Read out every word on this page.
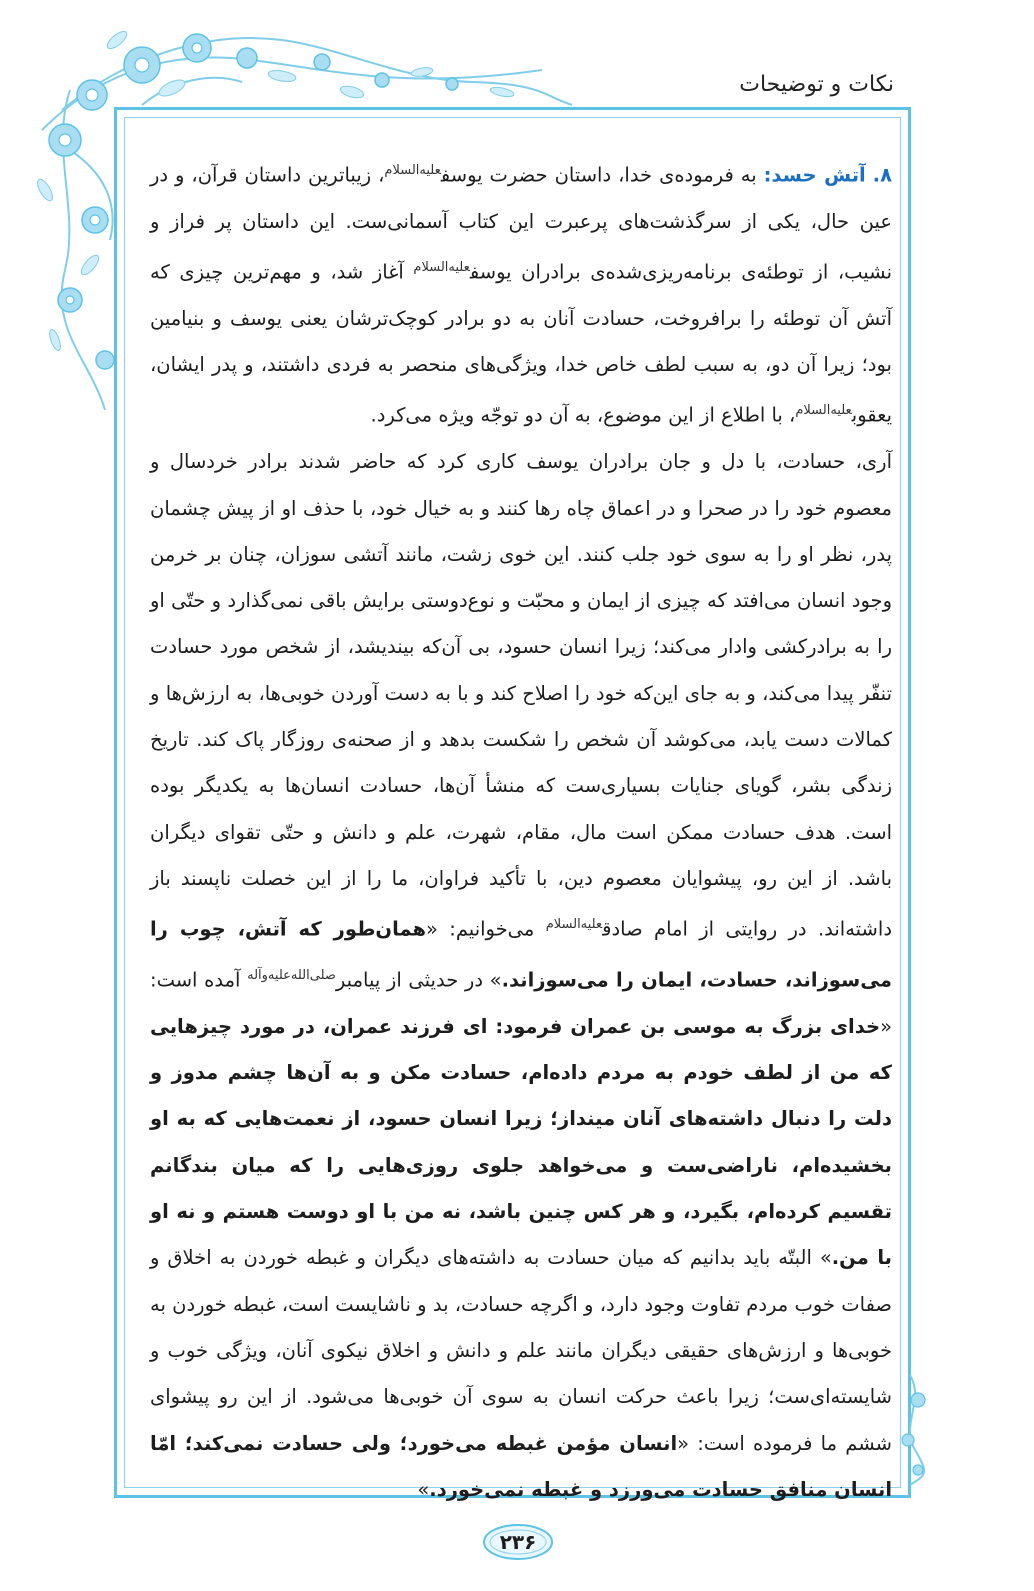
نکات و توضیحات

۸. آتش حسد: به فرموده‌ی خدا، داستان حضرت یوسف$^{علیه‌السلام}$، زیباترین داستان قرآن، و در عین حال، یکی از سرگذشت‌های پرعبرت این کتاب آسمانی‌ست. این داستان پر فراز و نشیب، از توطئه‌ی برنامه‌ریزی‌شده‌ی برادران یوسف$^{علیه‌السلام}$ آغاز شد، و مهم‌ترین چیزی که آتش آن توطئه را برافروخت، حسادت آنان به دو برادر کوچک‌ترشان یعنی یوسف و بنیامین بود؛ زیرا آن دو، به سبب لطف خاص خدا، ویژگی‌های منحصر به فردی داشتند، و پدر ایشان، یعقوب$^{علیه‌السلام}$، با اطلاع از این موضوع، به آن دو توجّه ویژه می‌کرد.

آری، حسادت، با دل و جان برادران یوسف کاری کرد که حاضر شدند برادر خردسال و معصوم خود را در صحرا و در اعماق چاه رها کنند و به خیال خود، با حذف او از پیش چشمان پدر، نظر او را به سوی خود جلب کنند. این خوی زشت، مانند آتشی سوزان، چنان بر خرمن وجود انسان می‌افتد که چیزی از ایمان و محبّت و نوع‌دوستی برایش باقی نمی‌گذارد و حتّی او را به برادرکشی وادار می‌کند؛ زیرا انسان حسود، بی آن‌که بیندیشد، از شخص مورد حسادت تنفّر پیدا می‌کند، و به جای این‌که خود را اصلاح کند و با به دست آوردن خوبی‌ها، به ارزش‌ها و کمالات دست یابد، می‌کوشد آن شخص را شکست بدهد و از صحنه‌ی روزگار پاک کند. تاریخ زندگی بشر، گویای جنایات بسیاری‌ست که منشأ آن‌ها، حسادت انسان‌ها به یکدیگر بوده است. هدف حسادت ممکن است مال، مقام، شهرت، علم و دانش و حتّی تقوای دیگران باشد. از این رو، پیشوایان معصوم دین، با تأکید فراوان، ما را از این خصلت ناپسند باز داشته‌اند. در روایتی از امام صادق$^{علیه‌السلام}$ می‌خوانیم: «همان‌طور که آتش، چوب را می‌سوزاند، حسادت، ایمان را می‌سوزاند.» در حدیثی از پیامبر$^{صلی‌الله‌علیه‌وآله}$ آمده است: «خدای بزرگ به موسی بن عمران فرمود: ای فرزند عمران، در مورد چیزهایی که من از لطف خودم به مردم داده‌ام، حسادت مکن و به آن‌ها چشم مدوز و دلت را دنبال داشته‌های آنان مینداز؛ زیرا انسان حسود، از نعمت‌هایی که به او بخشیده‌ام، ناراضی‌ست و می‌خواهد جلوی روزی‌هایی را که میان بندگانم تقسیم کرده‌ام، بگیرد، و هر کس چنین باشد، نه من با او دوست هستم و نه او با من.» البتّه باید بدانیم که میان حسادت به داشته‌های دیگران و غبطه خوردن به اخلاق و صفات خوب مردم تفاوت وجود دارد، و اگرچه حسادت، بد و ناشایست است، غبطه خوردن به خوبی‌ها و ارزش‌های حقیقی دیگران مانند علم و دانش و اخلاق نیکوی آنان، ویژگی خوب و شایسته‌ای‌ست؛ زیرا باعث حرکت انسان به سوی آن خوبی‌ها می‌شود. از این رو پیشوای ششم ما فرموده است: «انسان مؤمن غبطه می‌خورد؛ ولی حسادت نمی‌کند؛ امّا انسان منافق حسادت می‌ورزد و غبطه نمی‌خورد.»

۲۳۶
